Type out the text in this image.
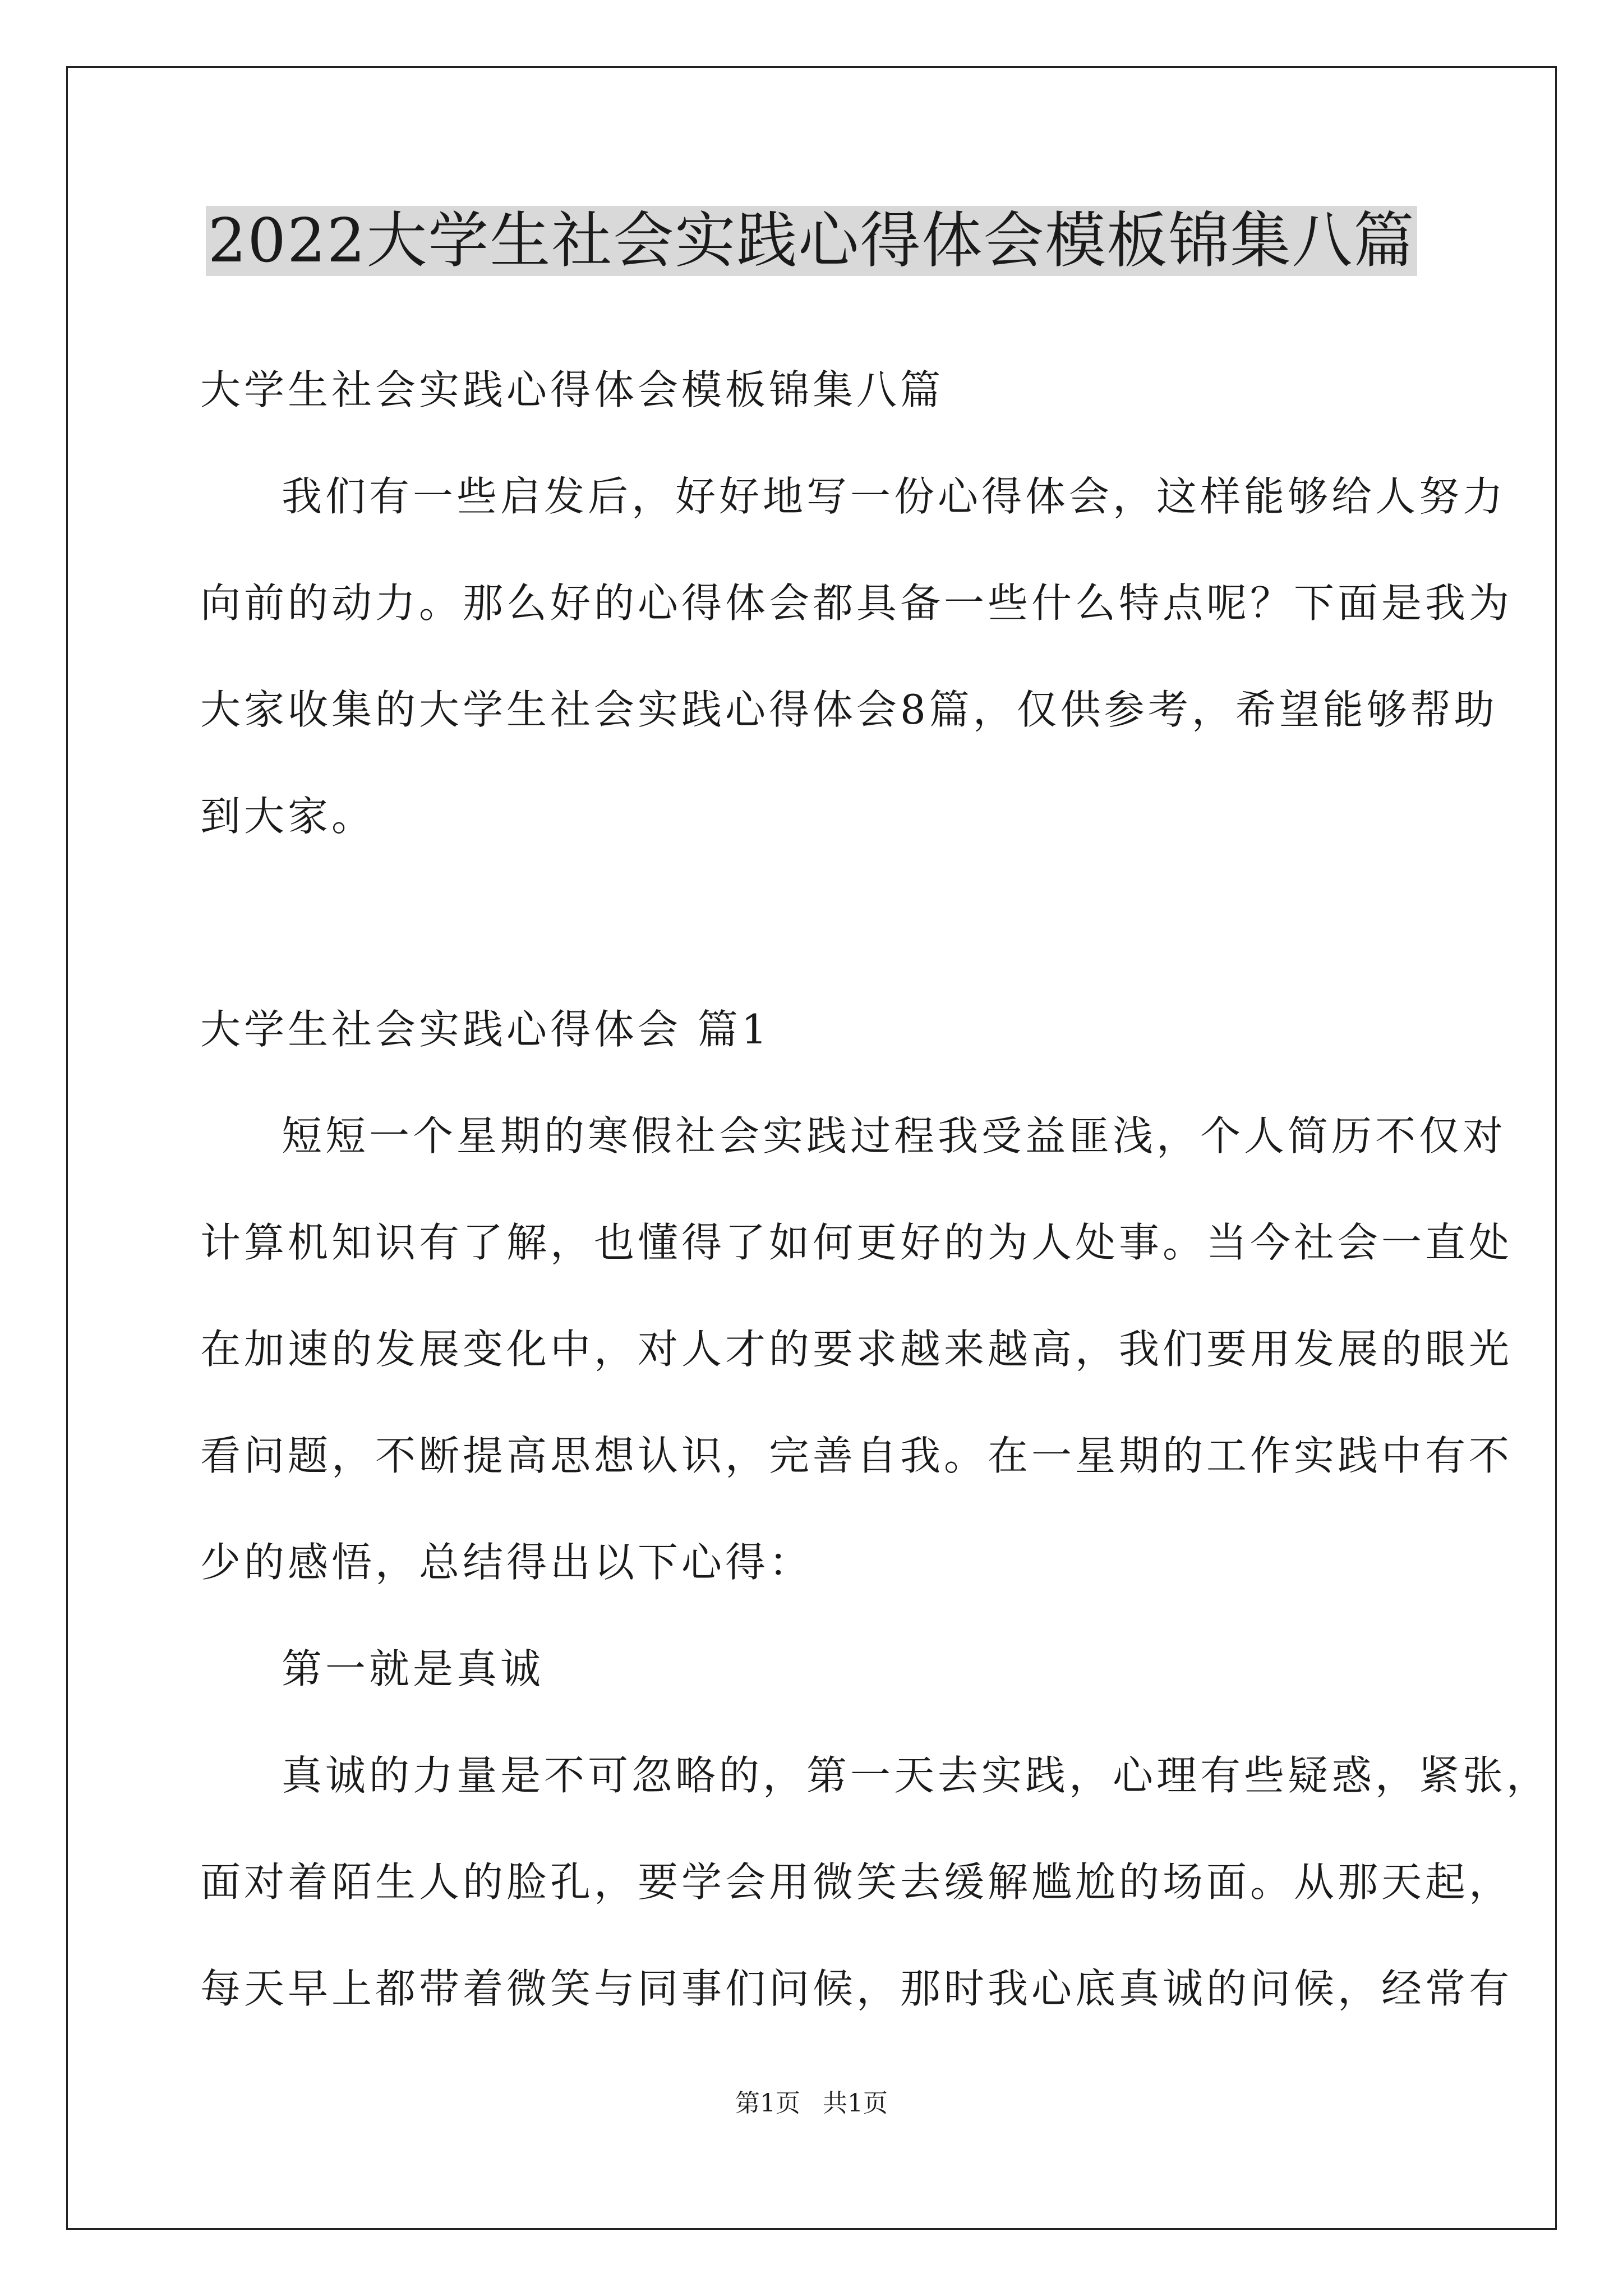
2022大学生社会实践心得体会模板锦集八篇
大学生社会实践心得体会模板锦集八篇
我们有一些启发后，好好地写一份心得体会，这样能够给人努力
向前的动力。那么好的心得体会都具备一些什么特点呢？下面是我为
大家收集的大学生社会实践心得体会8篇，仅供参考，希望能够帮助
到大家。
大学生社会实践心得体会 篇1
短短一个星期的寒假社会实践过程我受益匪浅，个人简历不仅对
计算机知识有了解，也懂得了如何更好的为人处事。当今社会一直处
在加速的发展变化中，对人才的要求越来越高，我们要用发展的眼光
看问题，不断提高思想认识，完善自我。在一星期的工作实践中有不
少的感悟，总结得出以下心得：
第一就是真诚
真诚的力量是不可忽略的，第一天去实践，心理有些疑惑，紧张，
面对着陌生人的脸孔，要学会用微笑去缓解尴尬的场面。从那天起，
每天早上都带着微笑与同事们问候，那时我心底真诚的问候，经常有
第1页 共1页
